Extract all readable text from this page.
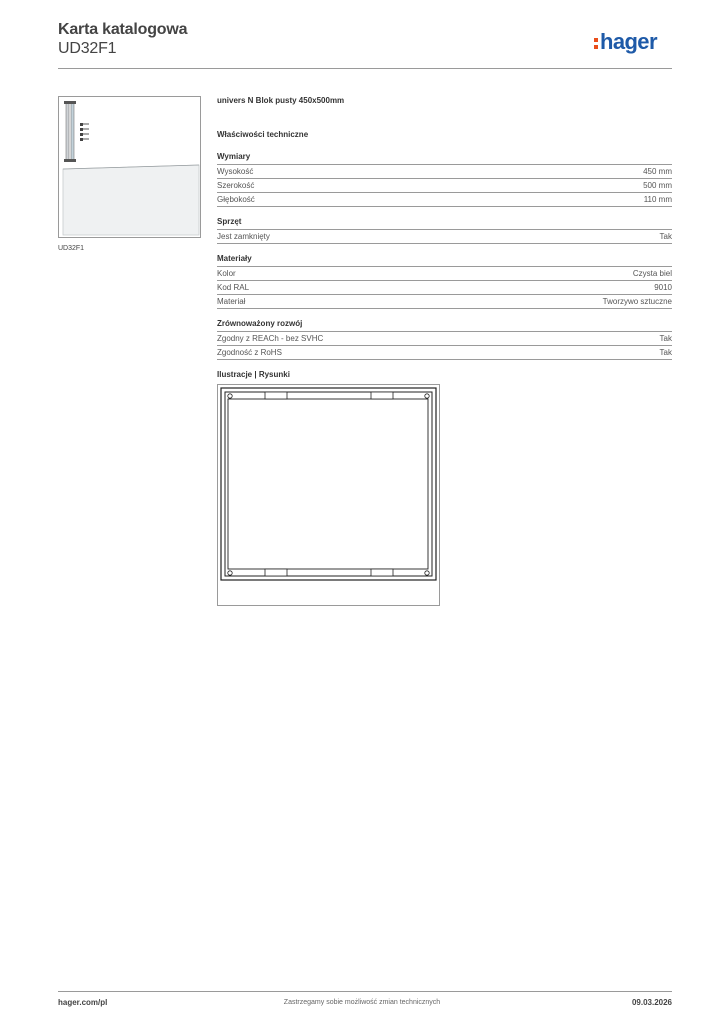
Karta katalogowa
UD32F1	hager
UD32F1
univers N Blok pusty 450x500mm
Właściwości techniczne
Wymiary
Wysokość	450 mm
Szerokość	500 mm
Głębokość	110 mm
Sprzęt
Jest zamknięty	Tak
Materiały
Kolor	Czysta biel
Kod RAL	9010
Materiał	Tworzywo sztuczne
Zrównoważony rozwój
Zgodny z REACh - bez SVHC	Tak
Zgodność z RoHS	Tak
Ilustracje | Rysunki
hager.com/pl	Zastrzegamy sobie możliwość zmian technicznych	09.03.2026
